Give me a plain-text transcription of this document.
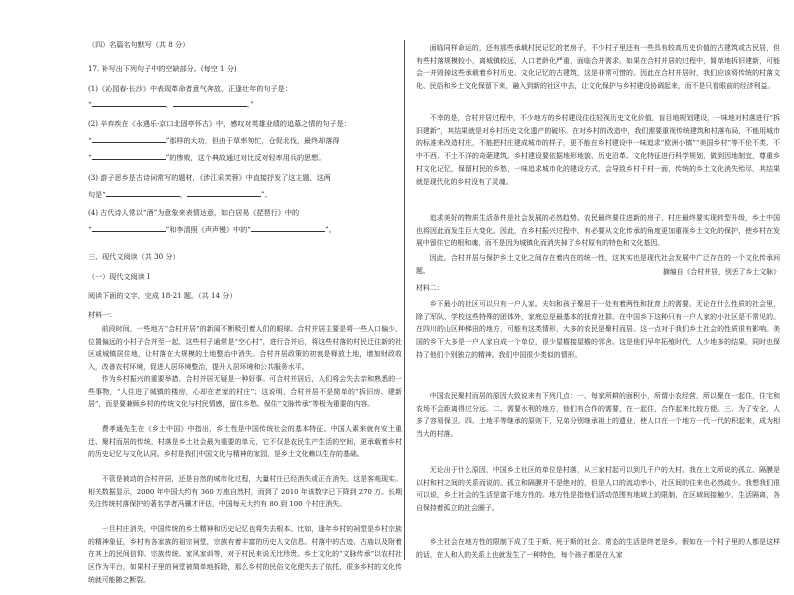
（四）名篇名句默写（共 8 分）
17. 补写出下列句子中的空缺部分。(每空 1 分)
(1)《沁园春·长沙》中表现革命者意气奔放、正逢壮年的句子是：
“	，	。”
(2) 辛弃疾在《永遇乐·京口北固亭怀古》中，感叹对英雄业绩的追慕之情的句子是：
“	”那样的大功，但由于草率匆忙，仓促北伐，最终却落得
“	”的惨败，这个典故通过对比反对轻率用兵的思想。
(3) 游子思乡是古诗词常写的题材，《涉江采芙蓉》中直接抒发了这主题，这两
句是“	，	”。
(4) 古代诗人常以“酒”为意象来表情达意，如白居易《琵琶行》中的
“	”和李清照《声声慢》中的“	”。
三、现代文阅读（共 30 分）
（一）现代文阅读 I
阅读下面的文字，完成 18-21 题。（共 14 分）
材料一：
前段时间，一些地方“合村并居”的新闻不断吸引着人们的眼球。合村并居主要是将一些人口偏少、位置偏远的小村子合并至一起，这些村子通常是“空心村”，进行合并后，将这些村落的村民迁往新的社区或城镇居住地，让村落在大规模的土地整治中消失。合村并居政策的初衷是释放土地，增加财政收入，改善农村环境，促进人居环境整治，提升人居环境和公共服务水平。
作为乡村振兴的重要举措，合村并居无疑是一种好事。可合村并居后，人们将会失去亲和熟悉的一些事物，“人住进了城镇的楼房，心却在老家的村庄”；这说明，合村并居不是简单的“拆旧房、建新居”，而是要兼顾乡村的传统文化与村民情感，留住乡愁、保住“文脉传承”等极为重要的内容。
费孝通先生在《乡土中国》中指出，乡土性是中国传统社会的基本特征。中国人素来就有安土重迁、聚村而居的传统，村落是乡土社会最为重要的单元，它不仅是农民生产生活的空间，更承载着乡村的历史记忆与文化认同。乡村是我们中国文化与精神的家园，是乡土文化赖以生存的基础。
不管是被动的合村并居，还是自然的城市化过程，大量村庄已经消失或正在消失。这是客观现实。相关数据显示，2000 年中国大约有 360 万座自然村，而到了 2010 年该数字已下降到 270 万。长期关注传统村落保护的著名学者冯骥才评估，中国每天大约有 80 到 100 个村庄消失。
一旦村庄消失，中国传统的乡土精神和历史记忆也将失去根本。比如，逢年乡村的祠堂是乡村宗族的精神象征，乡村有各家族的祖宗祠堂，宗族有着丰富的历史人文信息。村落中的古迹、古庙以及附着在其上的民间信仰、宗族传统、家风家训等，对于村民来说无比珍贵。乡土文化的“文脉传承”以农村社区作为平台，如果村子里的祠堂被简单地拆除，那么乡村的民俗文化便失去了依托，很多乡村的文化传统就可能随之断裂。
面临同样命运的，还有那些承载村民记忆的老房子，不少村子里还有一些具有较高历史价值的古建筑或古民居，但有些村落规模较小，离城镇较远，人口老龄化严重，面临合并需求。如果在合村并居的过程中，简单地拆旧建新，可能会一并毁掉这些承载着乡村历史、文化记忆的古建筑，这是非常可惜的。因此在合村并居时，我们应该将传统的村落文化、民俗和乡土文化保留下来，融入到新的社区中去，让文化保护与乡村建设协调起来，而不是只看眼前的经济利益。
不幸的是，合村并居过程中，不少地方的乡村建设往往轻视历史文化价值，盲目地规划建设，一味地对村落进行“拆旧建新”，其结果就是对乡村历史文化遗产的破坏。在对乡村的改造中，我们需要重视传统建筑和村落布局，不能用城市的标准来改造村庄，不能把村庄建成城市的样子，更不能在乡村建设中一味追求“欧洲小镇”“美国乡村”等不伦不类、不中不西、不土不洋的奇葩建筑。乡村建设要依据地形地貌、历史沿革、文化特征进行科学规划，做到因地制宜，尊重乡村文化记忆，保留村民的乡愁，一味追求城市化的建设方式，会导致乡村千村一面，传统的乡土文化消失殆尽，其结果就是现代化的乡村没有了灵魂。
追求美好的物质生活条件是社会发展的必然趋势。农民最终要住进新的房子，村庄最终要实现转型升级，乡土中国也将因此而发生巨大变化。因此，在乡村振兴过程中，有必要从文化传承的角度更加重视乡土文化的保护，使乡村在发展中留住它的根和魂，而不是因为城镇化而消失掉了乡村原有的特色和文化基因。
因此，合村并居与保护乡土文化之间存在着内在的统一性，这其实也是现代社会发展中广泛存在的一个文化传承问题。	摘编自《合村并居，别丢了乡土文脉》
材料二：
乡下最小的社区可以只有一户人家。夫妇和孩子聚居于一处有着两性和抚育上的需要。无论在什么性质的社会里，除了军队、学校这些特殊的团体外，家庭总是最基本的抚育社群。在中国乡下这种只有一户人家的小社区是不常见的。在四川的山区种梯田的地方，可能有这类情形，大多的农民是聚村而居。这一点对于我们乡土社会的性质很有影响。美国的乡下大多是一户人家自成一个单位，很少屋檐接屋檐的邻舍。这是他们早年拓殖时代，人少地多的结果，同时也保持了他们个别独立的精神。我们中国很少类似的情形。
中国农民聚村而居的原因大致说来有下列几点：一、每家所耕的面积小，所谓小农经营，所以聚在一起住，住宅和农场不会距离得过分远。二、需要水利的地方，他们有合作的需要，在一起住，合作起来比较方便。三、为了安全，人多了容易保卫。四、土地平等继承的原则下，兄弟分别继承祖上的遗业，使人口在一个地方一代一代的积起来，成为相当大的村落。
无论出于什么原因，中国乡土社区的单位是村落，从三家村起可以到几千户的大村。我在上文所说的孤立、隔膜是以村和村之间的关系而说的。孤立和隔膜并不是绝对的，但是人口的流动率小，社区间的往来也必然疏少。我想我们很可以说，乡土社会的生活是富于地方性的。地方性是指他们活动范围有地域上的限制，在区域间接触少，生活隔离，各自保持着孤立的社会圈子。
乡土社会在地方性的限制下成了生于斯、死于斯的社会。常态的生活是终老是乡。假如在一个村子里的人都是这样的话，在人和人的关系上也就发生了一种特色，每个孩子都是在人家
